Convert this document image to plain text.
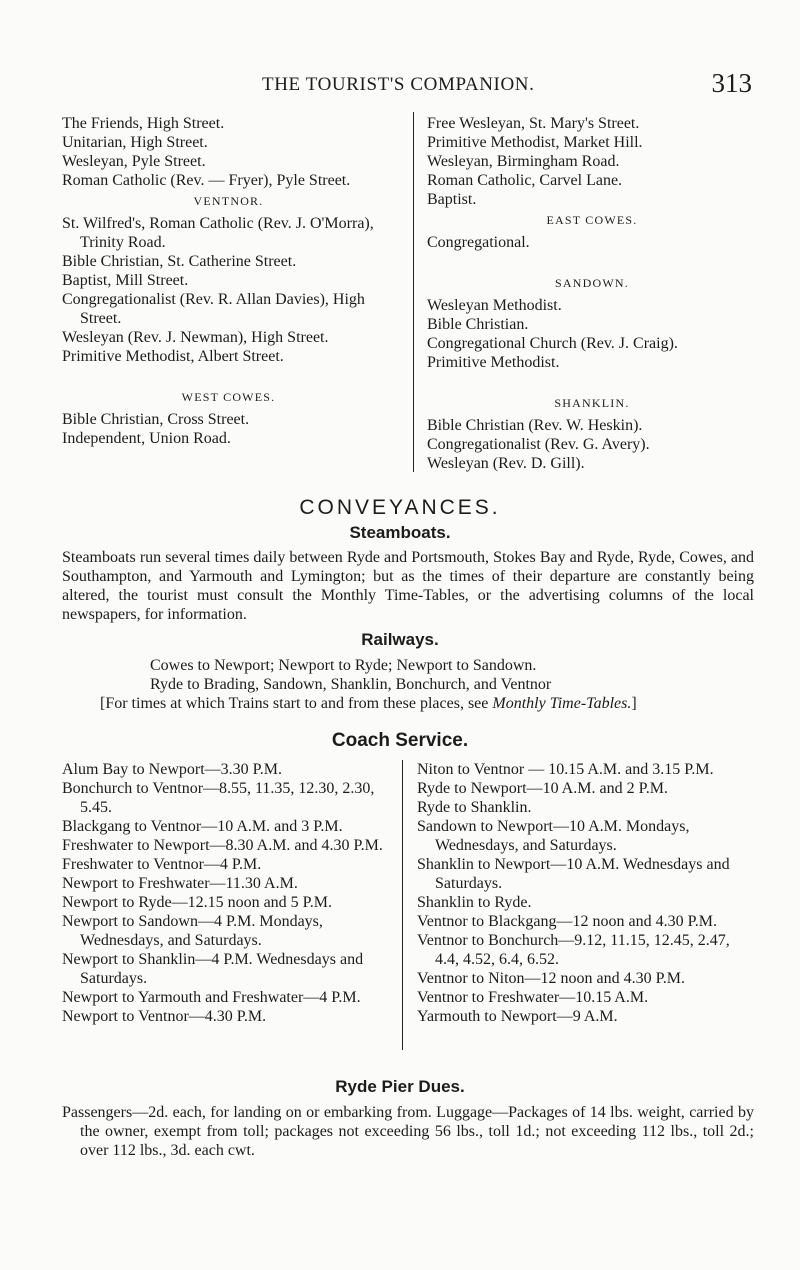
THE TOURIST'S COMPANION.	313

The Friends, High Street.

Unitarian, High Street.

Wesleyan, Pyle Street.

Roman Catholic (Rev. — Fryer), Pyle Street.

VENTNOR.

St. Wilfred's, Roman Catholic (Rev. J. O'Morra), Trinity Road.

Bible Christian, St. Catherine Street.

Baptist, Mill Street.

Congregationalist (Rev. R. Allan Davies), High Street.

Wesleyan (Rev. J. Newman), High Street.

Primitive Methodist, Albert Street.

WEST COWES.

Bible Christian, Cross Street.

Independent, Union Road.

Free Wesleyan, St. Mary's Street.

Primitive Methodist, Market Hill.

Wesleyan, Birmingham Road.

Roman Catholic, Carvel Lane.

Baptist.

EAST COWES.

Congregational.

SANDOWN.

Wesleyan Methodist.

Bible Christian.

Congregational Church (Rev. J. Craig).

Primitive Methodist.

SHANKLIN.

Bible Christian (Rev. W. Heskin).

Congregationalist (Rev. G. Avery).

Wesleyan (Rev. D. Gill).

CONVEYANCES.
Steamboats.

Steamboats run several times daily between Ryde and Portsmouth, Stokes Bay and Ryde, Ryde, Cowes, and Southampton, and Yarmouth and Lymington; but as the times of their departure are constantly being altered, the tourist must consult the Monthly Time-Tables, or the advertising columns of the local newspapers, for information.

Railways.

Cowes to Newport; Newport to Ryde; Newport to Sandown.

Ryde to Brading, Sandown, Shanklin, Bonchurch, and Ventnor

[For times at which Trains start to and from these places, see Monthly Time-Tables.]

Coach Service.

Alum Bay to Newport—3.30 P.M.

Bonchurch to Ventnor—8.55, 11.35, 12.30, 2.30, 5.45.

Blackgang to Ventnor—10 A.M. and 3 P.M.

Freshwater to Newport—8.30 A.M. and 4.30 P.M.

Freshwater to Ventnor—4 P.M.

Newport to Freshwater—11.30 A.M.

Newport to Ryde—12.15 noon and 5 P.M.

Newport to Sandown—4 P.M. Mondays, Wednesdays, and Saturdays.

Newport to Shanklin—4 P.M. Wednesdays and Saturdays.

Newport to Yarmouth and Freshwater—4 P.M.

Newport to Ventnor—4.30 P.M.

Niton to Ventnor — 10.15 A.M. and 3.15 P.M.

Ryde to Newport—10 A.M. and 2 P.M.

Ryde to Shanklin.

Sandown to Newport—10 A.M. Mondays, Wednesdays, and Saturdays.

Shanklin to Newport—10 A.M. Wednesdays and Saturdays.

Shanklin to Ryde.

Ventnor to Blackgang—12 noon and 4.30 P.M.

Ventnor to Bonchurch—9.12, 11.15, 12.45, 2.47, 4.4, 4.52, 6.4, 6.52.

Ventnor to Niton—12 noon and 4.30 P.M.

Ventnor to Freshwater—10.15 A.M.

Yarmouth to Newport—9 A.M.

Ryde Pier Dues.

Passengers—2d. each, for landing on or embarking from. Luggage—Packages of 14 lbs. weight, carried by the owner, exempt from toll; packages not exceeding 56 lbs., toll 1d.; not exceeding 112 lbs., toll 2d.; over 112 lbs., 3d. each cwt.
